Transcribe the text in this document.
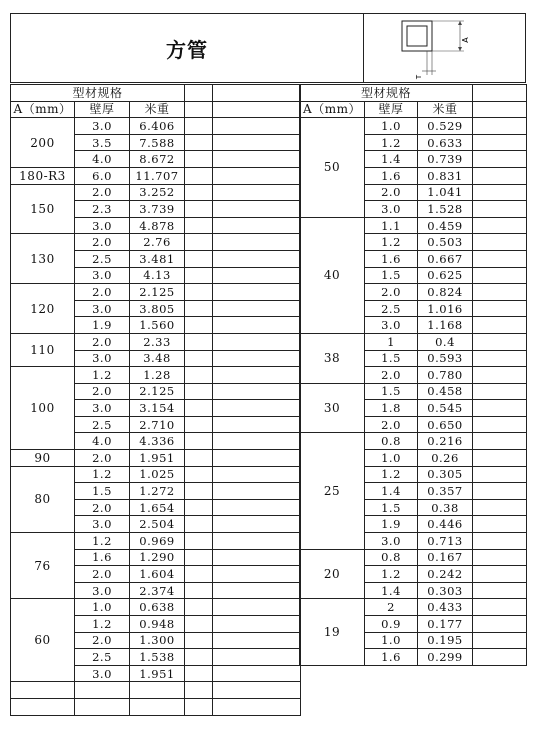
方管	A
T
型材规格				
A（mm）	壁厚	米重		
200	3.0	6.406		
	3.5	7.588		
	4.0	8.672		
180-R3	6.0	11.707		
150	2.0	3.252		
	2.3	3.739		
	3.0	4.878		
130	2.0	2.76		
	2.5	3.481		
	3.0	4.13		
120	2.0	2.125		
	3.0	3.805		
	1.9	1.560		
110	2.0	2.33		
	3.0	3.48		
100	1.2	1.28		
	2.0	2.125		
	3.0	3.154		
	2.5	2.710		
	4.0	4.336		
90	2.0	1.951		
80	1.2	1.025		
	1.5	1.272		
	2.0	1.654		
	3.0	2.504		
76	1.2	0.969		
	1.6	1.290		
	2.0	1.604		
	3.0	2.374		
60	1.0	0.638		
	1.2	0.948		
	2.0	1.300		
	2.5	1.538		
	3.0	1.951		

型材规格			
A（mm）	壁厚	米重	
50	1.0	0.529	
	1.2	0.633	
	1.4	0.739	
	1.6	0.831	
	2.0	1.041	
	3.0	1.528	
40	1.1	0.459	
	1.2	0.503	
	1.6	0.667	
	1.5	0.625	
	2.0	0.824	
	2.5	1.016	
	3.0	1.168	
38	1	0.4	
	1.5	0.593	
	2.0	0.780	
30	1.5	0.458	
	1.8	0.545	
	2.0	0.650	
25	0.8	0.216	
	1.0	0.26	
	1.2	0.305	
	1.4	0.357	
	1.5	0.38	
	1.9	0.446	
	3.0	0.713	
20	0.8	0.167	
	1.2	0.242	
	1.4	0.303	
19	2	0.433	
	0.9	0.177	
	1.0	0.195	
	1.6	0.299	
